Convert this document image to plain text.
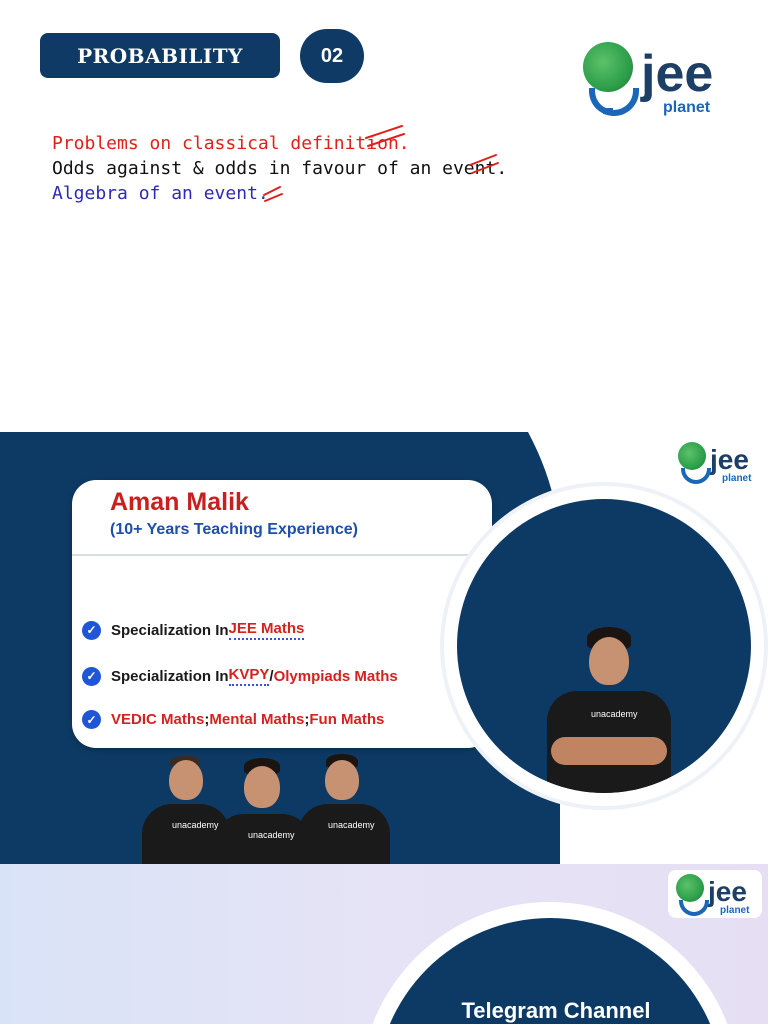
PROBABILITY	02	jee
planet
Problems on classical definition.
Odds against & odds in favour of an event.
Algebra of an event.
jee
planet
Aman Malik
(10+ Years Teaching Experience)
✓ Specialization In JEE Maths
✓ Specialization In KVPY / Olympiads Maths
✓ VEDIC Maths ; Mental Maths ; Fun Maths	unacademy
unacademy	unacademy
unacademy
jee
planet
Telegram Channel
